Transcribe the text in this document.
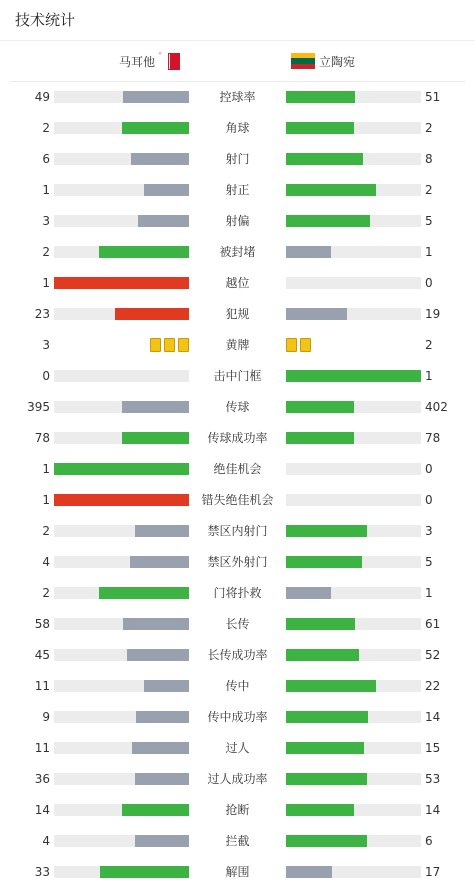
技术统计
马耳他 °	立陶宛
49	控球率	51
2	角球	2
6	射门	8
1	射正	2
3	射偏	5
2	被封堵	1
1	越位	0
23	犯规	19
3	黄牌	2
0	击中门框	1
395	传球	402
78	传球成功率	78
1	绝佳机会	0
1	错失绝佳机会	0
2	禁区内射门	3
4	禁区外射门	5
2	门将扑救	1
58	长传	61
45	长传成功率	52
11	传中	22
9	传中成功率	14
11	过人	15
36	过人成功率	53
14	抢断	14
4	拦截	6
33	解围	17
